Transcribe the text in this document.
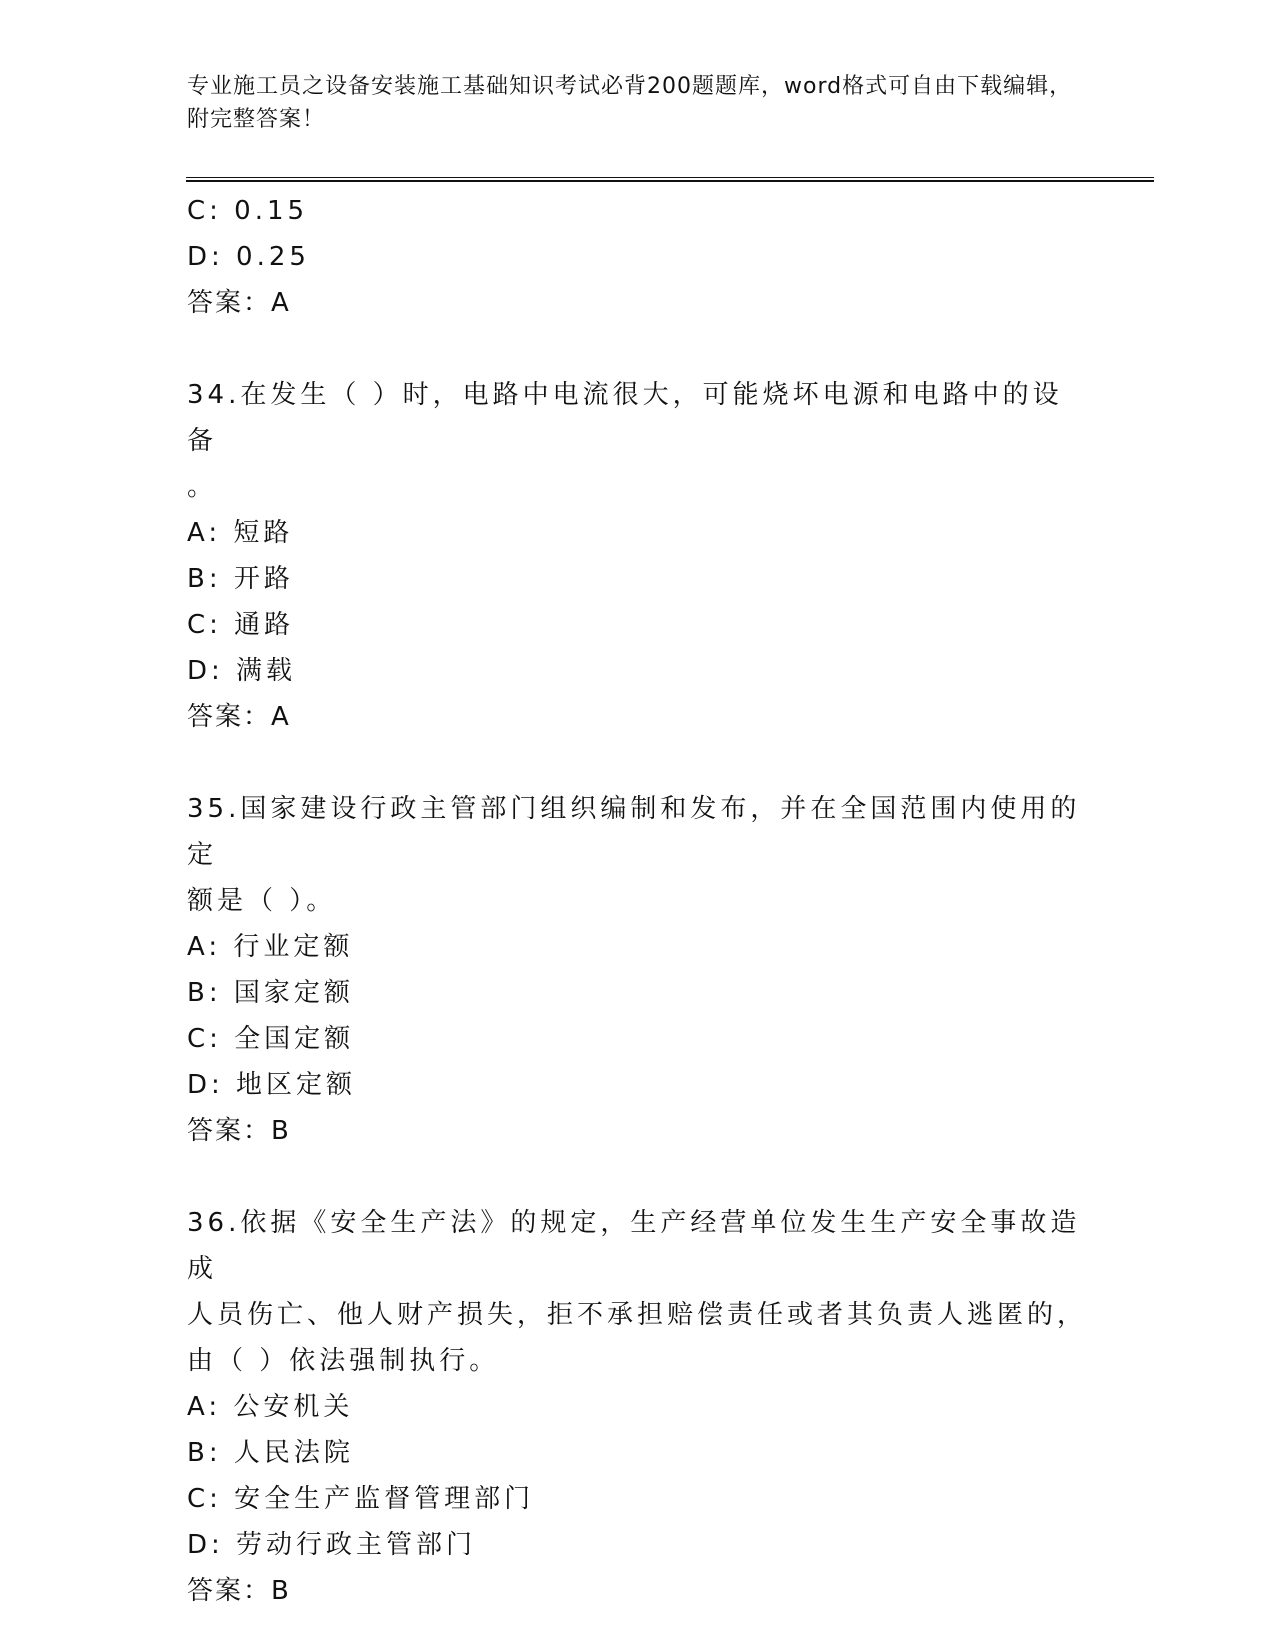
专业施工员之设备安装施工基础知识考试必背200题题库，word格式可自由下载编辑，附完整答案！
C: 0.15
D: 0.25
答案：A
34.在发生（ ）时，电路中电流很大，可能烧坏电源和电路中的设备
。
A: 短路
B: 开路
C: 通路
D: 满载
答案：A
35.国家建设行政主管部门组织编制和发布，并在全国范围内使用的定
额是（ ）。
A: 行业定额
B: 国家定额
C: 全国定额
D: 地区定额
答案：B
36.依据《安全生产法》的规定，生产经营单位发生生产安全事故造成
人员伤亡、他人财产损失，拒不承担赔偿责任或者其负责人逃匿的，
由（ ）依法强制执行。
A: 公安机关
B: 人民法院
C: 安全生产监督管理部门
D: 劳动行政主管部门
答案：B
